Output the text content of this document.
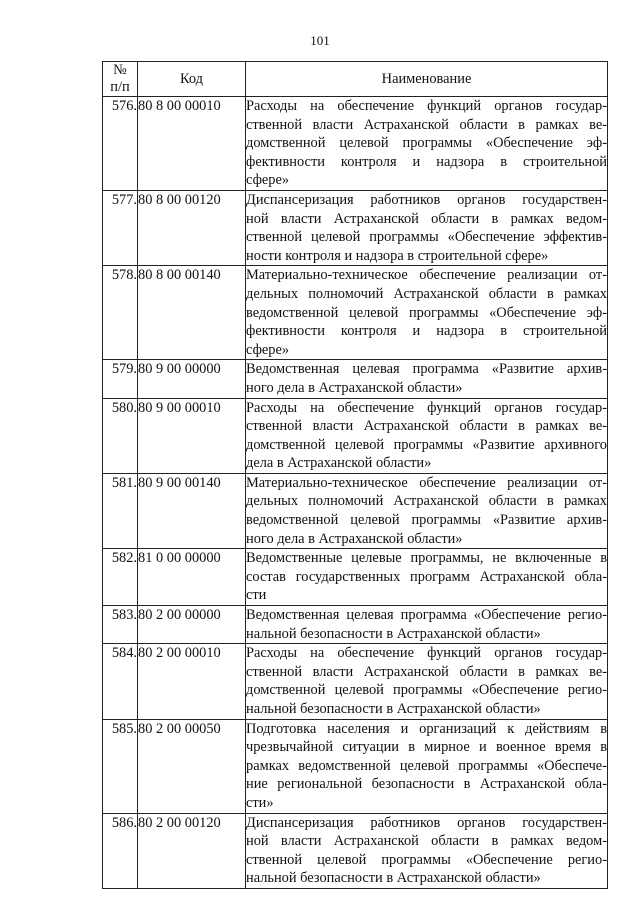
101
№
п/п	Код	Наименование
576.	80 8 00 00010	Расходы на обеспечение функций органов государ-
ственной власти Астраханской области в рамках ве-
домственной целевой программы «Обеспечение эф-
фективности контроля и надзора в строительной
сфере»

577.	80 8 00 00120	Диспансеризация работников органов государствен-
ной власти Астраханской области в рамках ведом-
ственной целевой программы «Обеспечение эффектив-
ности контроля и надзора в строительной сфере»

578.	80 8 00 00140	Материально-техническое обеспечение реализации от-
дельных полномочий Астраханской области в рамках
ведомственной целевой программы «Обеспечение эф-
фективности контроля и надзора в строительной
сфере»

579.	80 9 00 00000	Ведомственная целевая программа «Развитие архив-
ного дела в Астраханской области»

580.	80 9 00 00010	Расходы на обеспечение функций органов государ-
ственной власти Астраханской области в рамках ве-
домственной целевой программы «Развитие архивного
дела в Астраханской области»

581.	80 9 00 00140	Материально-техническое обеспечение реализации от-
дельных полномочий Астраханской области в рамках
ведомственной целевой программы «Развитие архив-
ного дела в Астраханской области»

582.	81 0 00 00000	Ведомственные целевые программы, не включенные в
состав государственных программ Астраханской обла-
сти

583.	80 2 00 00000	Ведомственная целевая программа «Обеспечение регио-
нальной безопасности в Астраханской области»

584.	80 2 00 00010	Расходы на обеспечение функций органов государ-
ственной власти Астраханской области в рамках ве-
домственной целевой программы «Обеспечение регио-
нальной безопасности в Астраханской области»

585.	80 2 00 00050	Подготовка населения и организаций к действиям в
чрезвычайной ситуации в мирное и военное время в
рамках ведомственной целевой программы «Обеспече-
ние региональной безопасности в Астраханской обла-
сти»

586.	80 2 00 00120	Диспансеризация работников органов государствен-
ной власти Астраханской области в рамках ведом-
ственной целевой программы «Обеспечение регио-
нальной безопасности в Астраханской области»
